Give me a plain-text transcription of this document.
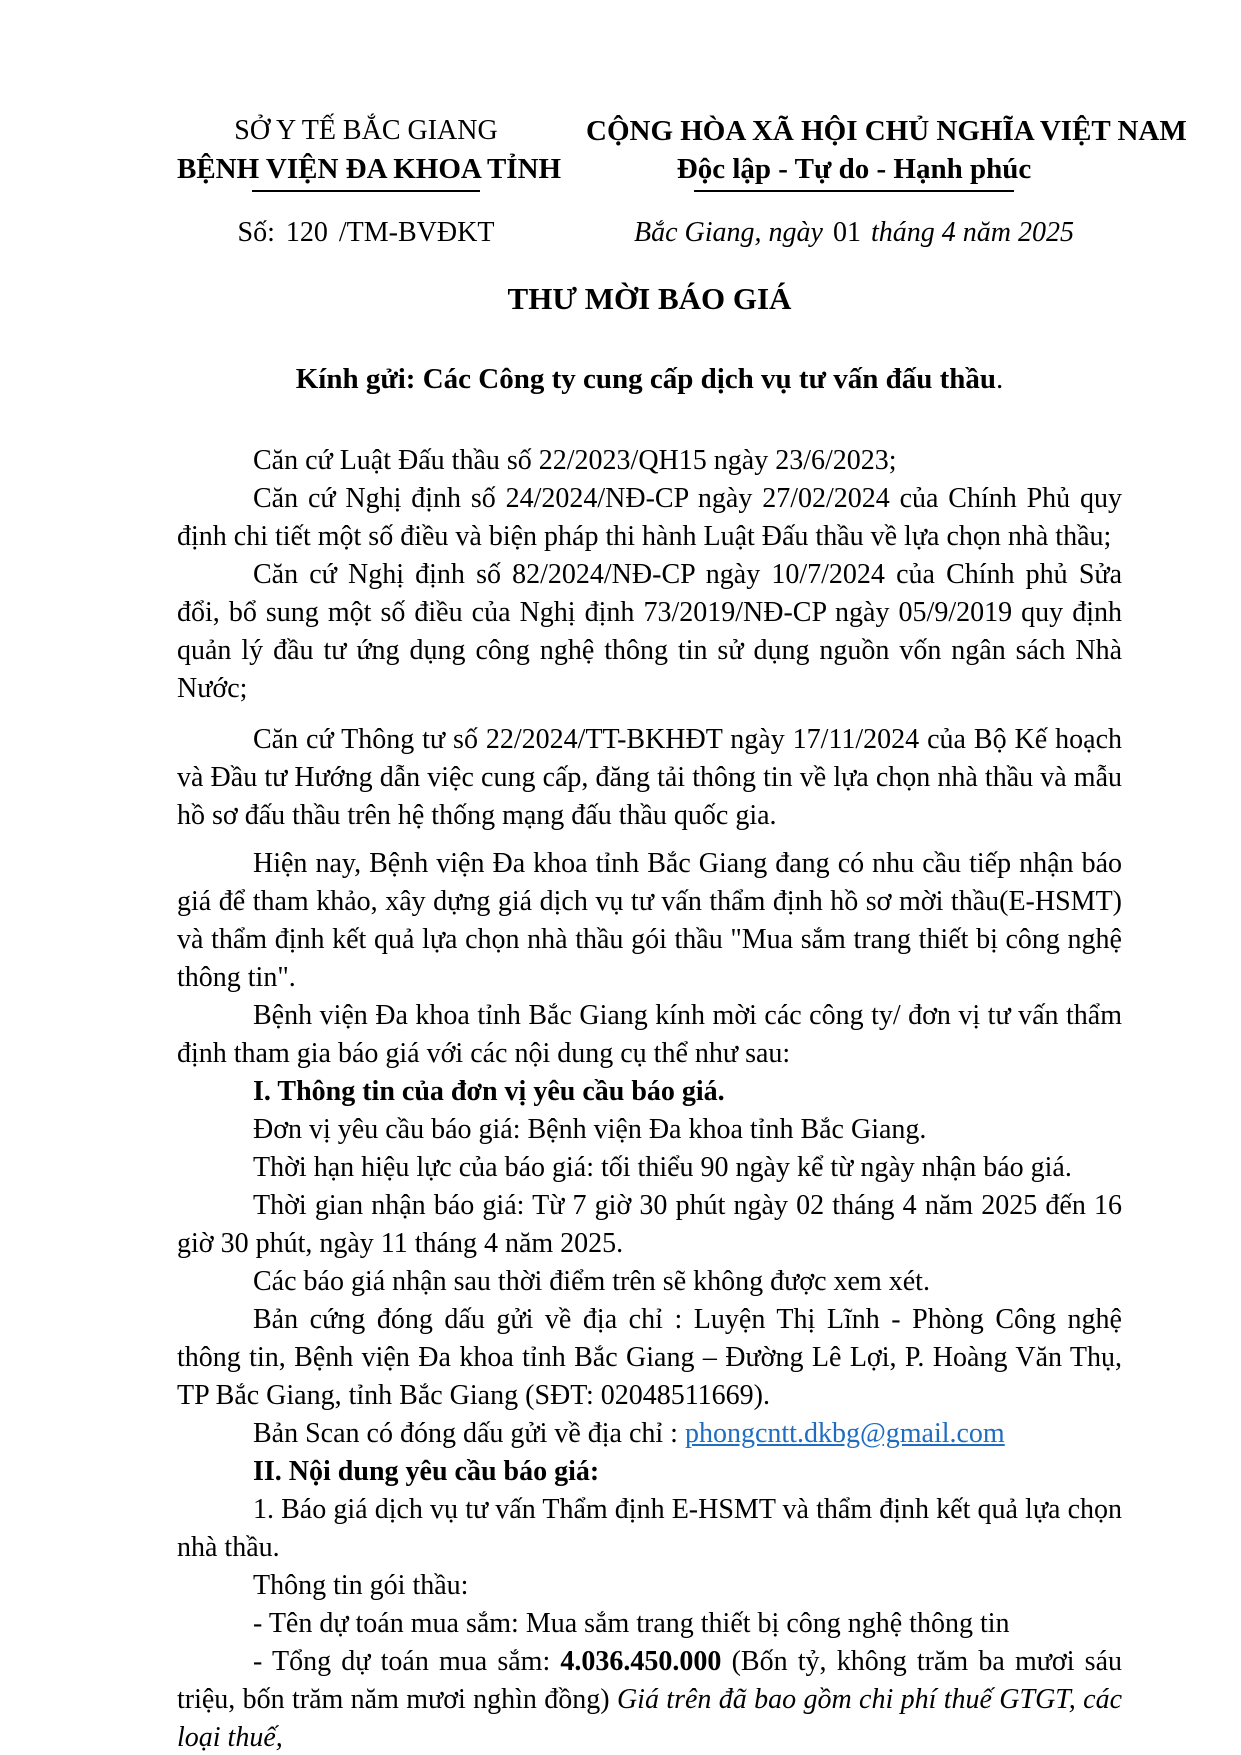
SỞ Y TẾ BẮC GIANG
BỆNH VIỆN ĐA KHOA TỈNH
Số: 120 /TM-BVĐKT
CỘNG HÒA XÃ HỘI CHỦ NGHĨA VIỆT NAM
Độc lập - Tự do - Hạnh phúc
Bắc Giang, ngày 01 tháng 4 năm 2025
THƯ MỜI BÁO GIÁ
Kính gửi: Các Công ty cung cấp dịch vụ tư vấn đấu thầu.

Căn cứ Luật Đấu thầu số 22/2023/QH15 ngày 23/6/2023;

Căn cứ Nghị định số 24/2024/NĐ-CP ngày 27/02/2024 của Chính Phủ quy định chi tiết một số điều và biện pháp thi hành Luật Đấu thầu về lựa chọn nhà thầu;

Căn cứ Nghị định số 82/2024/NĐ-CP ngày 10/7/2024 của Chính phủ Sửa đổi, bổ sung một số điều của Nghị định 73/2019/NĐ-CP ngày 05/9/2019 quy định quản lý đầu tư ứng dụng công nghệ thông tin sử dụng nguồn vốn ngân sách Nhà Nước;

Căn cứ Thông tư số 22/2024/TT-BKHĐT ngày 17/11/2024 của Bộ Kế hoạch và Đầu tư Hướng dẫn việc cung cấp, đăng tải thông tin về lựa chọn nhà thầu và mẫu hồ sơ đấu thầu trên hệ thống mạng đấu thầu quốc gia.

Hiện nay, Bệnh viện Đa khoa tỉnh Bắc Giang đang có nhu cầu tiếp nhận báo giá để tham khảo, xây dựng giá dịch vụ tư vấn thẩm định hồ sơ mời thầu(E-HSMT) và thẩm định kết quả lựa chọn nhà thầu gói thầu "Mua sắm trang thiết bị công nghệ thông tin".

Bệnh viện Đa khoa tỉnh Bắc Giang kính mời các công ty/ đơn vị tư vấn thẩm định tham gia báo giá với các nội dung cụ thể như sau:

I. Thông tin của đơn vị yêu cầu báo giá.

Đơn vị yêu cầu báo giá: Bệnh viện Đa khoa tỉnh Bắc Giang.

Thời hạn hiệu lực của báo giá: tối thiểu 90 ngày kể từ ngày nhận báo giá.

Thời gian nhận báo giá: Từ 7 giờ 30 phút ngày 02 tháng 4 năm 2025 đến 16 giờ 30 phút, ngày 11 tháng 4 năm 2025.

Các báo giá nhận sau thời điểm trên sẽ không được xem xét.

Bản cứng đóng dấu gửi về địa chỉ : Luyện Thị Lĩnh - Phòng Công nghệ thông tin, Bệnh viện Đa khoa tỉnh Bắc Giang – Đường Lê Lợi, P. Hoàng Văn Thụ, TP Bắc Giang, tỉnh Bắc Giang (SĐT: 02048511669).

Bản Scan có đóng dấu gửi về địa chỉ : phongcntt.dkbg@gmail.com

II. Nội dung yêu cầu báo giá:

1. Báo giá dịch vụ tư vấn Thẩm định E-HSMT và thẩm định kết quả lựa chọn nhà thầu.

Thông tin gói thầu:

- Tên dự toán mua sắm: Mua sắm trang thiết bị công nghệ thông tin

- Tổng dự toán mua sắm: 4.036.450.000 (Bốn tỷ, không trăm ba mươi sáu triệu, bốn trăm năm mươi nghìn đồng) Giá trên đã bao gồm chi phí thuế GTGT, các loại thuế,
